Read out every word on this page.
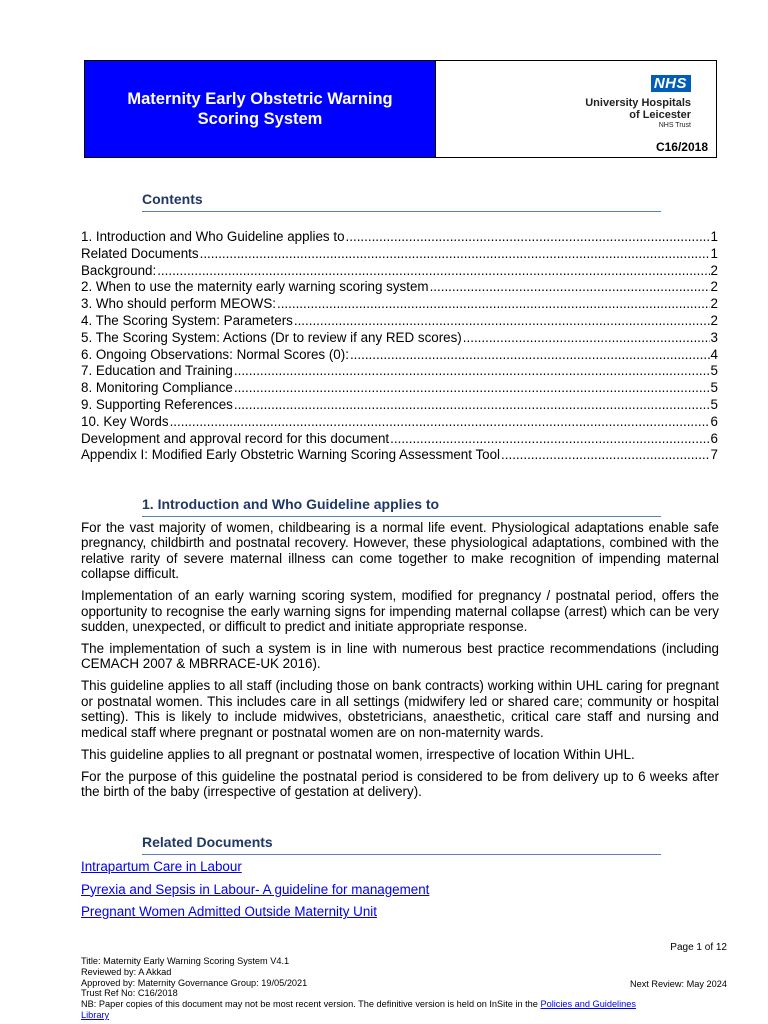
Maternity Early Obstetric Warning
Scoring System
NHS
University Hospitals
of Leicester
NHS Trust
C16/2018
Contents
1. Introduction and Who Guideline applies to .....	1
Related Documents .....	1
Background: .....	2
2. When to use the maternity early warning scoring system .....	2
3. Who should perform MEOWS: .....	2
4. The Scoring System: Parameters .....	2
5. The Scoring System: Actions (Dr to review if any RED scores) .....	3
6. Ongoing Observations: Normal Scores (0): .....	4
7. Education and Training .....	5
8. Monitoring Compliance .....	5
9. Supporting References .....	5
10. Key Words .....	6
Development and approval record for this document .....	6
Appendix I: Modified Early Obstetric Warning Scoring Assessment Tool .....	7
1. Introduction and Who Guideline applies to

For the vast majority of women, childbearing is a normal life event. Physiological adaptations enable safe pregnancy, childbirth and postnatal recovery. However, these physiological adaptations, combined with the relative rarity of severe maternal illness can come together to make recognition of impending maternal collapse difficult.

Implementation of an early warning scoring system, modified for pregnancy / postnatal period, offers the opportunity to recognise the early warning signs for impending maternal collapse (arrest) which can be very sudden, unexpected, or difficult to predict and initiate appropriate response.

The implementation of such a system is in line with numerous best practice recommendations (including CEMACH 2007 & MBRRACE-UK 2016).

This guideline applies to all staff (including those on bank contracts) working within UHL caring for pregnant or postnatal women. This includes care in all settings (midwifery led or shared care; community or hospital setting). This is likely to include midwives, obstetricians, anaesthetic, critical care staff and nursing and medical staff where pregnant or postnatal women are on non-maternity wards.

This guideline applies to all pregnant or postnatal women, irrespective of location Within UHL.

For the purpose of this guideline the postnatal period is considered to be from delivery up to 6 weeks after the birth of the baby (irrespective of gestation at delivery).

Related Documents
Intrapartum Care in Labour
Pyrexia and Sepsis in Labour- A guideline for management
Pregnant Women Admitted Outside Maternity Unit
Page 1 of 12
Title: Maternity Early Warning Scoring System V4.1
Reviewed by: A Akkad
Approved by: Maternity Governance Group: 19/05/2021
Trust Ref No: C16/2018
NB: Paper copies of this document may not be most recent version. The definitive version is held on InSite in the Policies and Guidelines
Library
Next Review: May 2024
